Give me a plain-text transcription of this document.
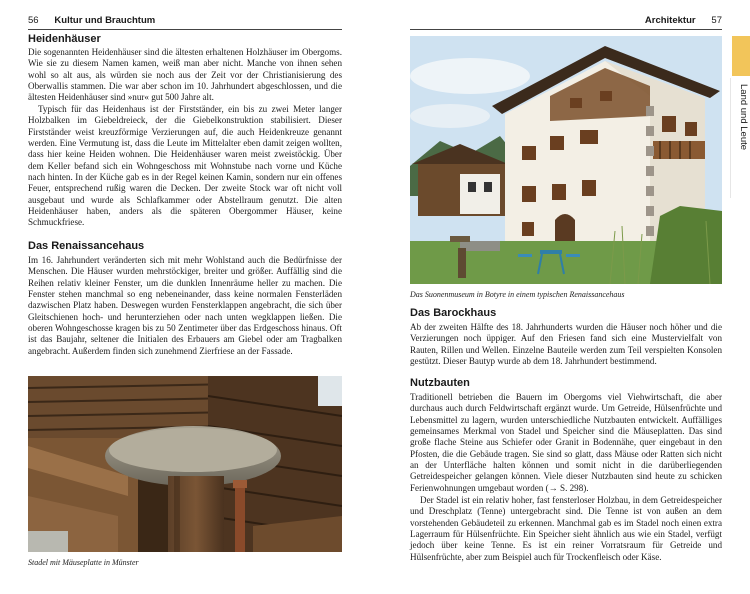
56 Kultur und Brauchtum
Heidenhäuser

Die sogenannten Heidenhäuser sind die ältesten erhaltenen Holzhäuser im Obergoms. Wie sie zu diesem Namen kamen, weiß man aber nicht. Manche von ihnen sehen wohl so alt aus, als würden sie noch aus der Zeit vor der Christianisierung des Oberwallis stammen. Die war aber schon im 10. Jahrhundert abgeschlossen, und die ältesten Heidenhäuser sind »nur« gut 500 Jahre alt.

Typisch für das Heidenhaus ist der Firstständer, ein bis zu zwei Meter langer Holzbalken im Giebeldreieck, der die Giebelkonstruktion stabilisiert. Dieser Firstständer weist kreuzförmige Verzierungen auf, die auch Heidenkreuze genannt werden. Eine Vermutung ist, dass die Leute im Mittelalter eben damit zeigen wollten, dass hier keine Heiden wohnen. Die Heidenhäuser waren meist zweistöckig. Über dem Keller befand sich ein Wohngeschoss mit Wohnstube nach vorne und Küche nach hinten. In der Küche gab es in der Regel keinen Kamin, sondern nur ein offenes Feuer, entsprechend rußig waren die Decken. Der zweite Stock war oft nicht voll ausgebaut und wurde als Schlafkammer oder Abstellraum genutzt. Die alten Heidenhäuser haben, anders als die späteren Obergommer Häuser, keine Schmuckfriese.

Das Renaissancehaus

Im 16. Jahrhundert veränderten sich mit mehr Wohlstand auch die Bedürfnisse der Menschen. Die Häuser wurden mehrstöckiger, breiter und größer. Auffällig sind die Reihen relativ kleiner Fenster, um die dunklen Innenräume heller zu machen. Die Fenster stehen manchmal so eng nebeneinander, dass keine normalen Fensterläden dazwischen Platz haben. Deswegen wurden Fensterklappen angebracht, die sich über Gleitschienen hoch- und herunterziehen oder nach unten wegklappen ließen. Die oberen Wohngeschosse kragen bis zu 50 Zentimeter über das Erdgeschoss hinaus. Oft ist das Baujahr, seltener die Initialen des Erbauers am Giebel oder am Tragbalken angebracht. Außerdem finden sich zunehmend Zierfriese an der Fassade.

Stadel mit Mäuseplatte in Münster
Architektur 57
Das Suonenmuseum in Botyre in einem typischen Renaissancehaus
Das Barockhaus

Ab der zweiten Hälfte des 18. Jahrhunderts wurden die Häuser noch höher und die Verzierungen noch üppiger. Auf den Friesen fand sich eine Mustervielfalt von Rauten, Rillen und Wellen. Einzelne Bauteile werden zum Teil verspielten Konsolen gestützt. Dieser Bautyp wurde ab dem 18. Jahrhundert bestimmend.

Nutzbauten

Traditionell betrieben die Bauern im Obergoms viel Viehwirtschaft, die aber durchaus auch durch Feldwirtschaft ergänzt wurde. Um Getreide, Hülsenfrüchte und Lebensmittel zu lagern, wurden unterschiedliche Nutzbauten entwickelt. Auffälliges gemeinsames Merkmal von Stadel und Speicher sind die Mäuseplatten. Das sind große flache Steine aus Schiefer oder Granit in Bodennähe, quer eingebaut in den Pfosten, die die Gebäude tragen. Sie sind so glatt, dass Mäuse oder Ratten sich nicht an der Unterfläche halten können und somit nicht in die darüberliegenden Getreidespeicher gelangen können. Viele dieser Nutzbauten sind heute zu schicken Ferienwohnungen umgebaut worden (→ S. 298).

Der Stadel ist ein relativ hoher, fast fensterloser Holzbau, in dem Getreidespeicher und Dreschplatz (Tenne) untergebracht sind. Die Tenne ist von außen an dem vorstehenden Gebäudeteil zu erkennen. Manchmal gab es im Stadel noch einen extra Lagerraum für Hülsenfrüchte. Ein Speicher sieht ähnlich aus wie ein Stadel, verfügt jedoch über keine Tenne. Es ist ein reiner Vorratsraum für Getreide und Hülsenfrüchte, aber zum Beispiel auch für Trockenfleisch oder Käse.

Land und Leute
